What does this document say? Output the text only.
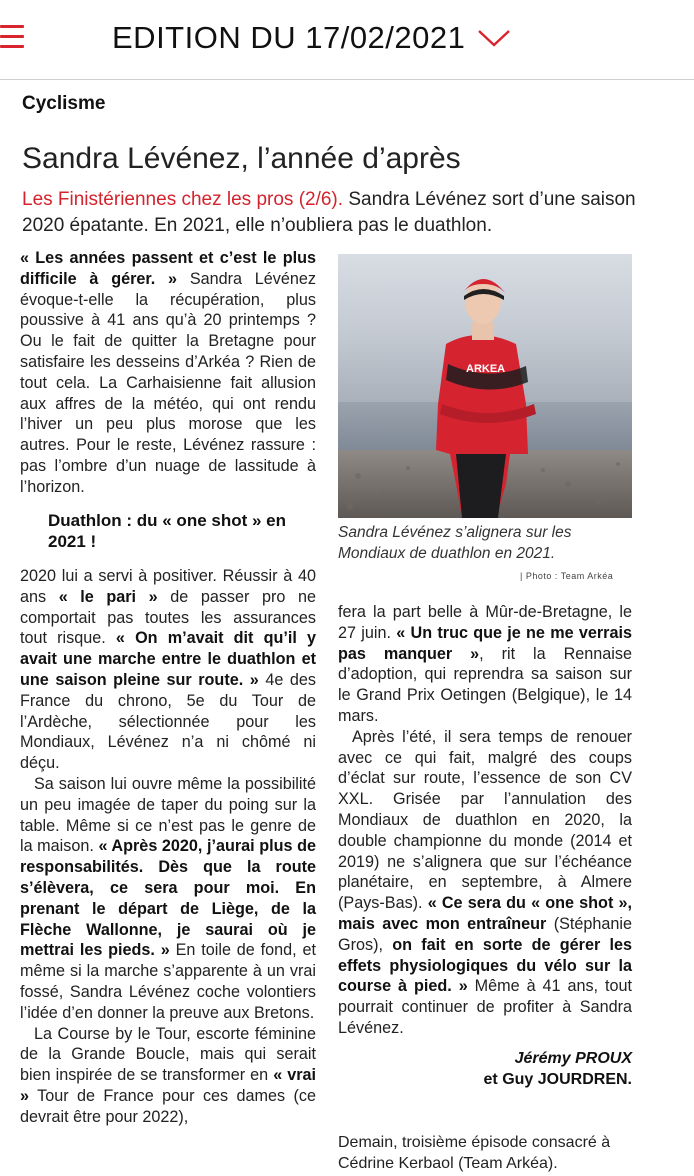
EDITION DU 17/02/2021
Cyclisme
Sandra Lévénez, l’année d’après
Les Finistériennes chez les pros (2/6). Sandra Lévénez sort d’une saison 2020 épatante. En 2021, elle n’oubliera pas le duathlon.

« Les années passent et c’est le plus difficile à gérer. » Sandra Lévénez évoque-t-elle la récupération, plus poussive à 41 ans qu’à 20 printemps ? Ou le fait de quitter la Bretagne pour satisfaire les desseins d’Arkéa ? Rien de tout cela. La Carhaisienne fait allusion aux affres de la météo, qui ont rendu l’hiver un peu plus morose que les autres. Pour le reste, Lévénez rassure : pas l’ombre d’un nuage de lassitude à l’horizon.

Duathlon : du « one shot » en 2021 !

2020 lui a servi à positiver. Réussir à 40 ans « le pari » de passer pro ne comportait pas toutes les assurances tout risque. « On m’avait dit qu’il y avait une marche entre le duathlon et une saison pleine sur route. » 4e des France du chrono, 5e du Tour de l’Ardèche, sélectionnée pour les Mondiaux, Lévénez n’a ni chômé ni déçu.

Sa saison lui ouvre même la possibilité un peu imagée de taper du poing sur la table. Même si ce n’est pas le genre de la maison. « Après 2020, j’aurai plus de responsabilités. Dès que la route s’élèvera, ce sera pour moi. En prenant le départ de Liège, de la Flèche Wallonne, je saurai où je mettrai les pieds. » En toile de fond, et même si la marche s’apparente à un vrai fossé, Sandra Lévénez coche volontiers l’idée d’en donner la preuve aux Bretons.

La Course by le Tour, escorte féminine de la Grande Boucle, mais qui serait bien inspirée de se transformer en « vrai » Tour de France pour ces dames (ce devrait être pour 2022),

ARKEA
Sandra Lévénez s’alignera sur les Mondiaux de duathlon en 2021.
| Photo : Team Arkéa

fera la part belle à Mûr-de-Bretagne, le 27 juin. « Un truc que je ne me verrais pas manquer », rit la Rennaise d’adoption, qui reprendra sa saison sur le Grand Prix Oetingen (Belgique), le 14 mars.

Après l’été, il sera temps de renouer avec ce qui fait, malgré des coups d’éclat sur route, l’essence de son CV XXL. Grisée par l’annulation des Mondiaux de duathlon en 2020, la double championne du monde (2014 et 2019) ne s’alignera que sur l’échéance planétaire, en septembre, à Almere (Pays-Bas). « Ce sera du « one shot », mais avec mon entraîneur (Stéphanie Gros), on fait en sorte de gérer les effets physiologiques du vélo sur la course à pied. » Même à 41 ans, tout pourrait continuer de profiter à Sandra Lévénez.

Jérémy PROUX
et Guy JOURDREN.
Demain, troisième épisode consacré à Cédrine Kerbaol (Team Arkéa).
